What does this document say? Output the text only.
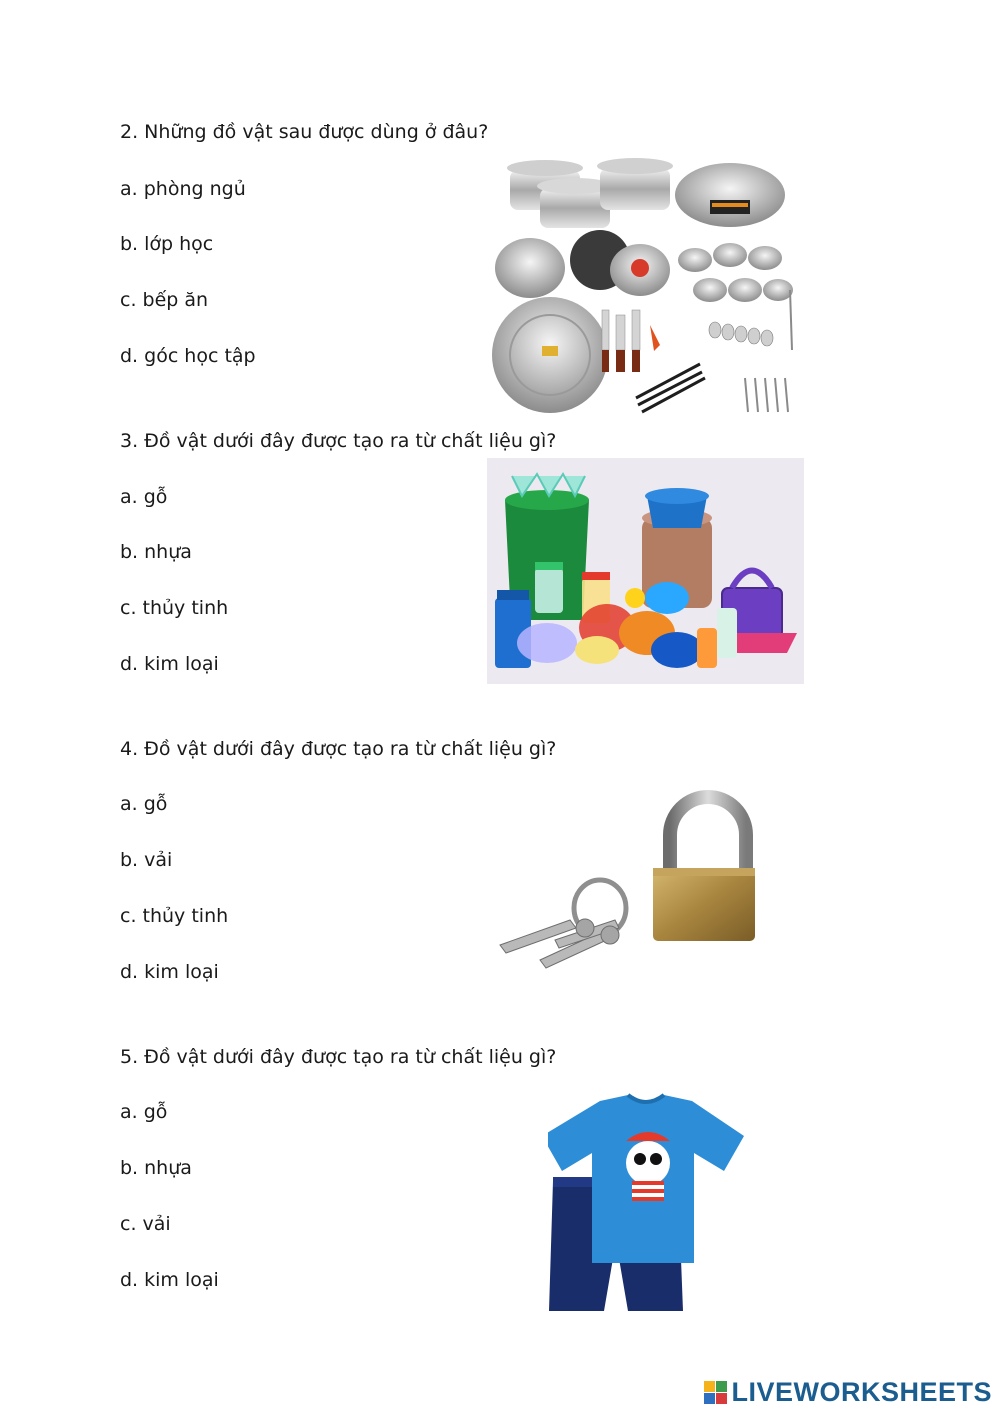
2. Những đồ vật sau được dùng ở đâu?
a. phòng ngủ
b. lớp học
c. bếp ăn
d. góc học tập
3. Đồ vật dưới đây được tạo ra từ chất liệu gì?
a. gỗ
b. nhựa
c. thủy tinh
d. kim loại
4. Đồ vật dưới đây được tạo ra từ chất liệu gì?
a. gỗ
b. vải
c. thủy tinh
d. kim loại
5. Đồ vật dưới đây được tạo ra từ chất liệu gì?
a. gỗ
b. nhựa
c. vải
d. kim loại
LIVEWORKSHEETS
